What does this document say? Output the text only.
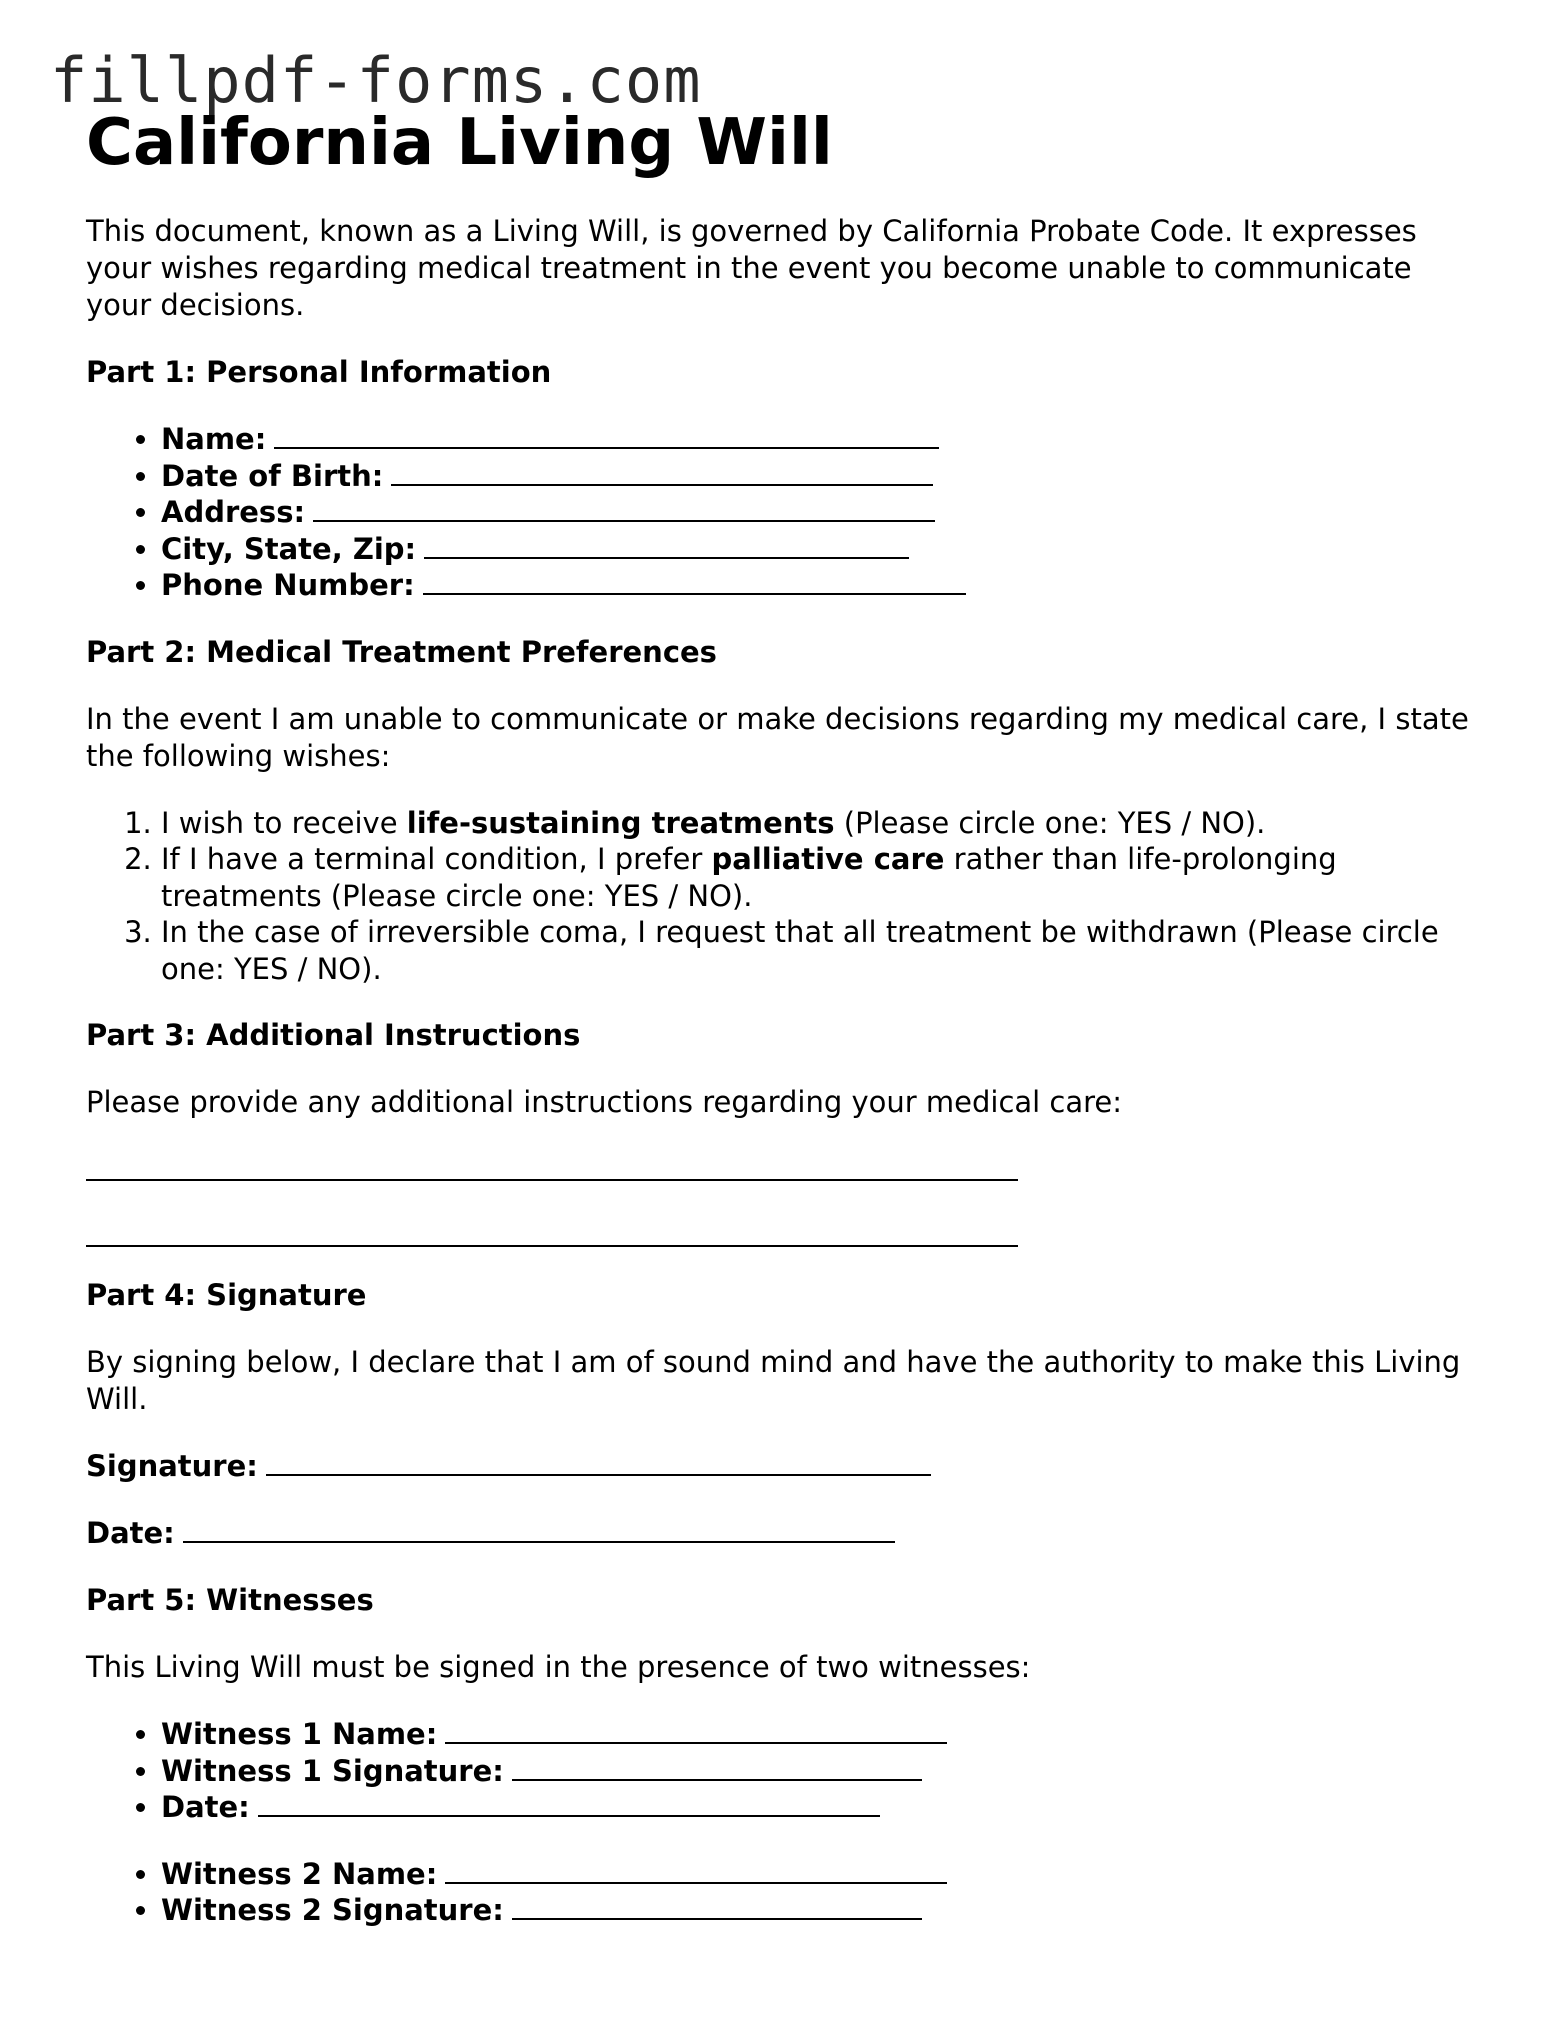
fillpdf-forms.com
California Living Will

This document, known as a Living Will, is governed by California Probate Code. It expresses your wishes regarding medical treatment in the event you become unable to communicate your decisions.

Part 1: Personal Information
• Name:
• Date of Birth:
• Address:
• City, State, Zip:
• Phone Number:
Part 2: Medical Treatment Preferences

In the event I am unable to communicate or make decisions regarding my medical care, I state the following wishes:

1. I wish to receive life-sustaining treatments (Please circle one: YES / NO).
2. If I have a terminal condition, I prefer palliative care rather than life-prolonging treatments (Please circle one: YES / NO).
3. In the case of irreversible coma, I request that all treatment be withdrawn (Please circle one: YES / NO).
Part 3: Additional Instructions

Please provide any additional instructions regarding your medical care:

Part 4: Signature

By signing below, I declare that I am of sound mind and have the authority to make this Living Will.

Signature:
Date:
Part 5: Witnesses

This Living Will must be signed in the presence of two witnesses:

• Witness 1 Name:
• Witness 1 Signature:
• Date:
• Witness 2 Name:
• Witness 2 Signature:
